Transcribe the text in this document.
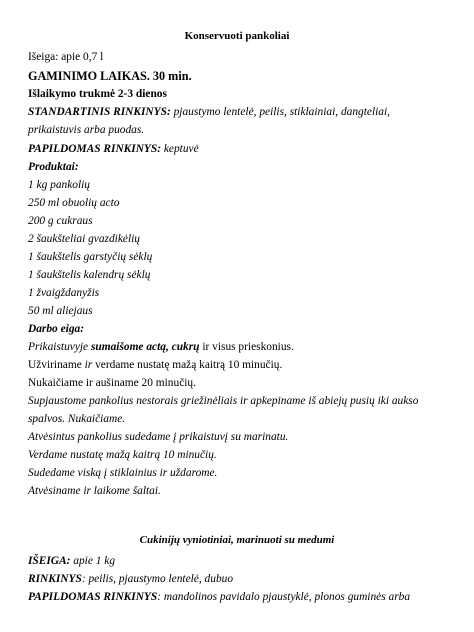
Konservuoti pankoliai
Išeiga: apie 0,7 l
GAMINIMO LAIKAS. 30 min.
Išlaikymo trukmė 2-3 dienos
STANDARTINIS RINKINYS: pjaustymo lentelė, peilis, stiklainiai, dangteliai,
prikaistuvis arba puodas.
PAPILDOMAS RINKINYS: keptuvė
Produktai:
1 kg pankolių
250 ml obuolių acto
200 g cukraus
2 šaukšteliai gvazdikėlių
1 šaukštelis garstyčių sėklų
1 šaukštelis kalendrų sėklų
1 žvaigždanyžis
50 ml aliejaus
Darbo eiga:
Prikaistuvyje sumaišome actą, cukrų ir visus prieskonius.
Užviriname ir verdame nustatę mažą kaitrą 10 minučių.
Nukaičiame ir aušiname 20 minučių.
Supjaustome pankolius nestorais griežinėliais ir apkepiname iš abiejų pusių iki aukso
spalvos. Nukaičiame.
Atvėsintus pankolius sudedame į prikaistuvį su marinatu.
Verdame nustatę mažą kaitrą 10 minučių.
Sudedame viską į stiklainius ir uždarome.
Atvėsiname ir laikome šaltai.
Cukinijų vyniotiniai, marinuoti su medumi
IŠEIGA: apie 1 kg
RINKINYS: peilis, pjaustymo lentelė, dubuo
PAPILDOMAS RINKINYS: mandolinos pavidalo pjaustyklė, plonos guminės arba
